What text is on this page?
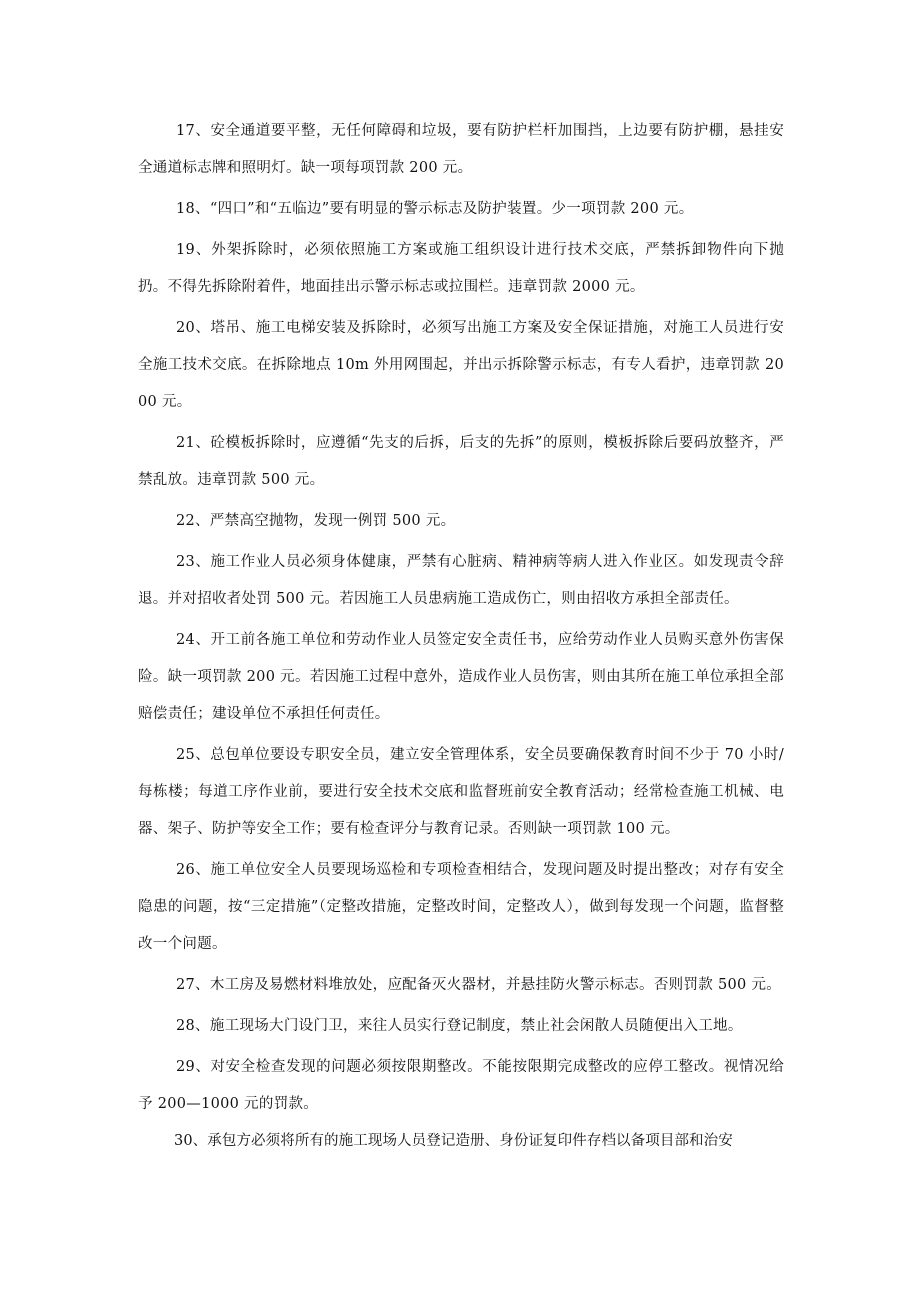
17、安全通道要平整，无任何障碍和垃圾，要有防护栏杆加围挡，上边要有防护棚，悬挂安全通道标志牌和照明灯。缺一项每项罚款 200 元。

18、“四口”和“五临边”要有明显的警示标志及防护装置。少一项罚款 200 元。

19、外架拆除时，必须依照施工方案或施工组织设计进行技术交底，严禁拆卸物件向下抛扔。不得先拆除附着件，地面挂出示警示标志或拉围栏。违章罚款 2000 元。

20、塔吊、施工电梯安装及拆除时，必须写出施工方案及安全保证措施，对施工人员进行安全施工技术交底。在拆除地点 10m 外用网围起，并出示拆除警示标志，有专人看护，违章罚款 2000 元。

21、砼模板拆除时，应遵循“先支的后拆，后支的先拆”的原则，模板拆除后要码放整齐，严禁乱放。违章罚款 500 元。

22、严禁高空抛物，发现一例罚 500 元。

23、施工作业人员必须身体健康，严禁有心脏病、精神病等病人进入作业区。如发现责令辞退。并对招收者处罚 500 元。若因施工人员患病施工造成伤亡，则由招收方承担全部责任。

24、开工前各施工单位和劳动作业人员签定安全责任书，应给劳动作业人员购买意外伤害保险。缺一项罚款 200 元。若因施工过程中意外，造成作业人员伤害，则由其所在施工单位承担全部赔偿责任；建设单位不承担任何责任。

25、总包单位要设专职安全员，建立安全管理体系，安全员要确保教育时间不少于 70 小时/每栋楼；每道工序作业前，要进行安全技术交底和监督班前安全教育活动；经常检查施工机械、电器、架子、防护等安全工作；要有检查评分与教育记录。否则缺一项罚款 100 元。

26、施工单位安全人员要现场巡检和专项检查相结合，发现问题及时提出整改；对存有安全隐患的问题，按“三定措施”（定整改措施，定整改时间，定整改人），做到每发现一个问题，监督整改一个问题。

27、木工房及易燃材料堆放处，应配备灭火器材，并悬挂防火警示标志。否则罚款 500 元。

28、施工现场大门设门卫，来往人员实行登记制度，禁止社会闲散人员随便出入工地。

29、对安全检查发现的问题必须按限期整改。不能按限期完成整改的应停工整改。视情况给予 200—1000 元的罚款。

30、承包方必须将所有的施工现场人员登记造册、身份证复印件存档以备项目部和治安
